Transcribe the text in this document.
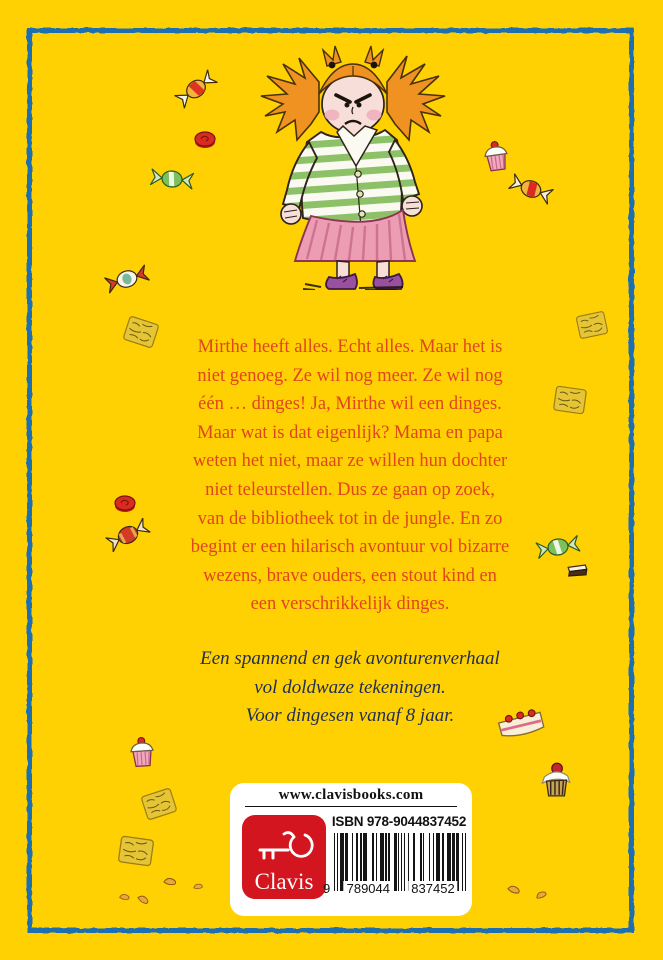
Mirthe heeft alles. Echt alles. Maar het is
niet genoeg. Ze wil nog meer. Ze wil nog
één … dinges! Ja, Mirthe wil een dinges.
Maar wat is dat eigenlijk? Mama en papa
weten het niet, maar ze willen hun dochter
niet teleurstellen. Dus ze gaan op zoek,
van de bibliotheek tot in de jungle. En zo
begint er een hilarisch avontuur vol bizarre
wezens, brave ouders, een stout kind en
een verschrikkelijk dinges.
Een spannend en gek avonturenverhaal
vol doldwaze tekeningen.
Voor dingesen vanaf 8 jaar.
www.clavisbooks.com
Clavis
ISBN 978-9044837452
9 789044 837452
